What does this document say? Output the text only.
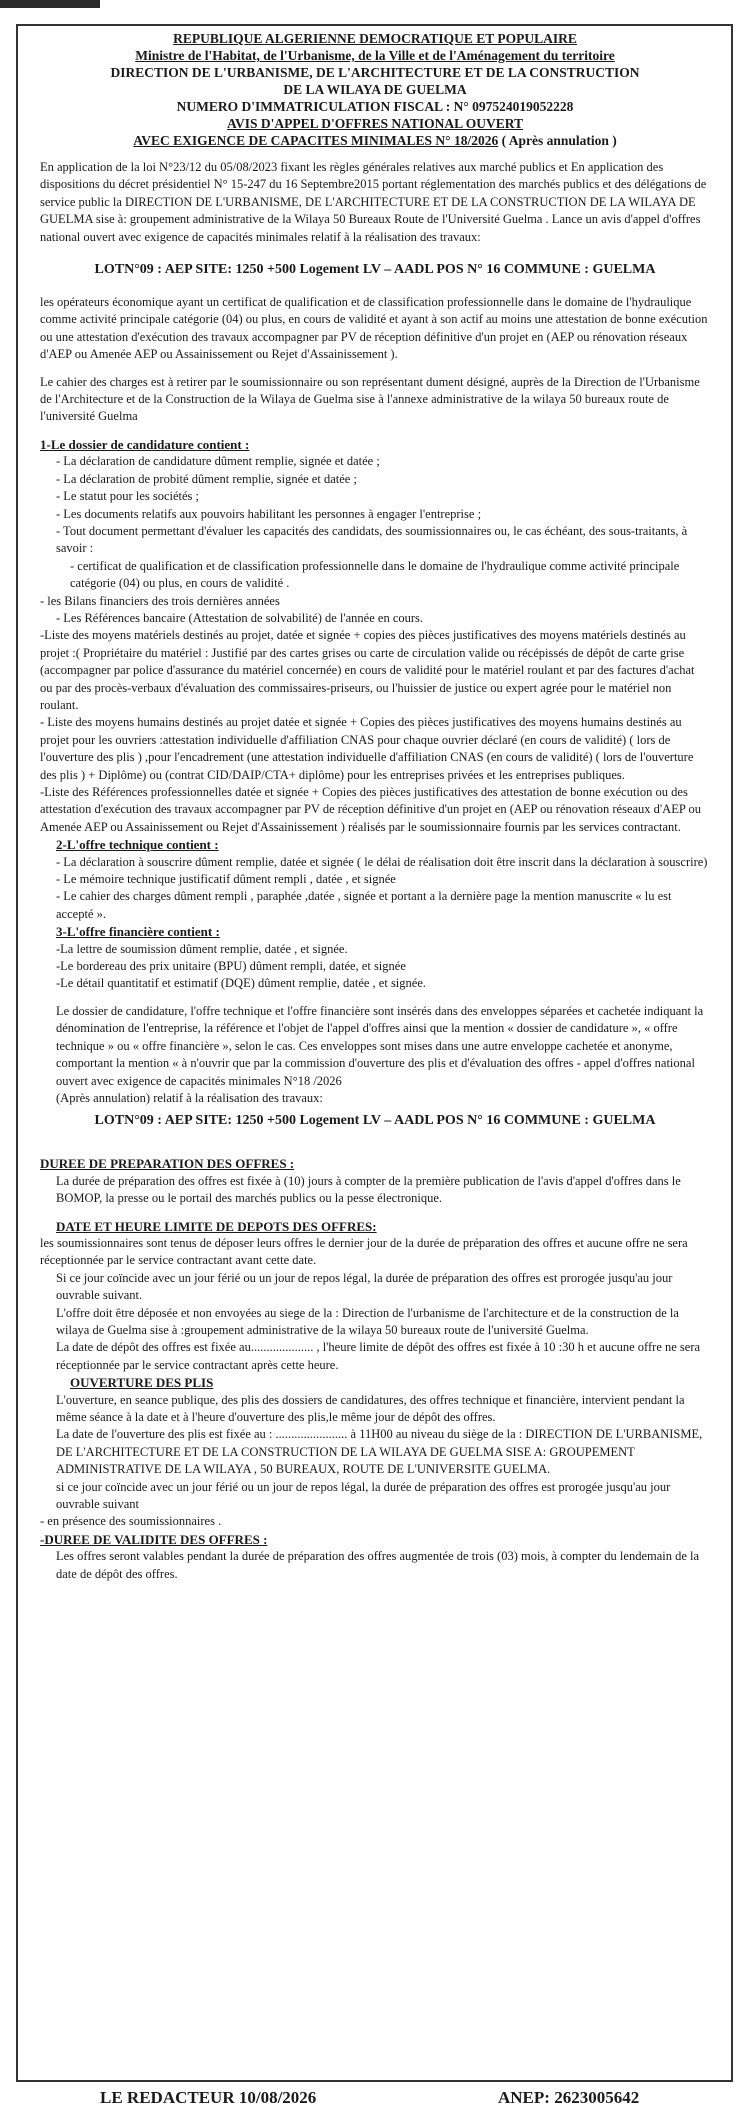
REPUBLIQUE ALGERIENNE DEMOCRATIQUE ET POPULAIRE
Ministre de l'Habitat, de l'Urbanisme, de la Ville et de l'Aménagement du territoire
DIRECTION DE L'URBANISME, DE L'ARCHITECTURE ET DE LA CONSTRUCTION
DE LA WILAYA DE GUELMA
NUMERO D'IMMATRICULATION FISCAL : N° 097524019052228
AVIS D'APPEL D'OFFRES NATIONAL OUVERT
AVEC EXIGENCE DE CAPACITES MINIMALES N° 18/2026 ( Après annulation )

En application de la loi N°23/12 du 05/08/2023 fixant les règles générales relatives aux marché publics et En application des dispositions du décret présidentiel N° 15-247 du 16 Septembre2015 portant réglementation des marchés publics et des délégations de service public la DIRECTION DE L'URBANISME, DE L'ARCHITECTURE ET DE LA CONSTRUCTION DE LA WILAYA DE GUELMA sise à: groupement administrative de la Wilaya 50 Bureaux Route de l'Université Guelma . Lance un avis d'appel d'offres national ouvert avec exigence de capacités minimales relatif à la réalisation des travaux:

LOTN°09 : AEP SITE: 1250 +500 Logement LV – AADL POS N° 16 COMMUNE : GUELMA

les opérateurs économique ayant un certificat de qualification et de classification professionnelle dans le domaine de l'hydraulique comme activité principale catégorie (04) ou plus, en cours de validité et ayant à son actif au moins une attestation de bonne exécution ou une attestation d'exécution des travaux accompagner par PV de réception définitive d'un projet en (AEP ou rénovation réseaux d'AEP ou Amenée AEP ou Assainissement ou Rejet d'Assainissement ).

Le cahier des charges est à retirer par le soumissionnaire ou son représentant dument désigné, auprès de la Direction de l'Urbanisme de l'Architecture et de la Construction de la Wilaya de Guelma sise à l'annexe administrative de la wilaya 50 bureaux route de l'université Guelma

1-Le dossier de candidature contient :
- La déclaration de candidature dûment remplie, signée et datée ;
- La déclaration de probité dûment remplie, signée et datée ;
- Le statut pour les sociétés ;
- Les documents relatifs aux pouvoirs habilitant les personnes à engager l'entreprise ;
- Tout document permettant d'évaluer les capacités des candidats, des soumissionnaires ou, le cas échéant, des sous-traitants, à savoir :
- certificat de qualification et de classification professionnelle dans le domaine de l'hydraulique comme activité principale catégorie (04) ou plus, en cours de validité .
- les Bilans financiers des trois dernières années
- Les Références bancaire (Attestation de solvabilité) de l'année en cours.
-Liste des moyens matériels destinés au projet, datée et signée + copies des pièces justificatives des moyens matériels destinés au projet :( Propriétaire du matériel : Justifié par des cartes grises ou carte de circulation valide ou récépissés de dépôt de carte grise (accompagner par police d'assurance du matériel concernée) en cours de validité pour le matériel roulant et par des factures d'achat ou par des procès-verbaux d'évaluation des commissaires-priseurs, ou l'huissier de justice ou expert agrée pour le matériel non roulant.
- Liste des moyens humains destinés au projet datée et signée + Copies des pièces justificatives des moyens humains destinés au projet pour les ouvriers :attestation individuelle d'affiliation CNAS pour chaque ouvrier déclaré (en cours de validité) ( lors de l'ouverture des plis ) ,pour l'encadrement (une attestation individuelle d'affiliation CNAS (en cours de validité) ( lors de l'ouverture des plis ) + Diplôme) ou (contrat CID/DAIP/CTA+ diplôme) pour les entreprises privées et les entreprises publiques.
-Liste des Références professionnelles datée et signée + Copies des pièces justificatives des attestation de bonne exécution ou des attestation d'exécution des travaux accompagner par PV de réception définitive d'un projet en (AEP ou rénovation réseaux d'AEP ou Amenée AEP ou Assainissement ou Rejet d'Assainissement ) réalisés par le soumissionnaire fournis par les services contractant.
2-L'offre technique contient :
- La déclaration à souscrire dûment remplie, datée et signée ( le délai de réalisation doit être inscrit dans la déclaration à souscrire)
- Le mémoire technique justificatif dûment rempli , datée , et signée
- Le cahier des charges dûment rempli , paraphée ,datée , signée et portant a la dernière page la mention manuscrite « lu est accepté ».
3-L'offre financière contient :
-La lettre de soumission dûment remplie, datée , et signée.
-Le bordereau des prix unitaire (BPU) dûment rempli, datée, et signée
-Le détail quantitatif et estimatif (DQE) dûment remplie, datée , et signée.

Le dossier de candidature, l'offre technique et l'offre financière sont insérés dans des enveloppes séparées et cachetée indiquant la dénomination de l'entreprise, la référence et l'objet de l'appel d'offres ainsi que la mention « dossier de candidature », « offre technique » ou « offre financière », selon le cas. Ces enveloppes sont mises dans une autre enveloppe cachetée et anonyme, comportant la mention « à n'ouvrir que par la commission d'ouverture des plis et d'évaluation des offres - appel d'offres national ouvert avec exigence de capacités minimales N°18 /2026

(Après annulation) relatif à la réalisation des travaux:

LOTN°09 : AEP SITE: 1250 +500 Logement LV – AADL POS N° 16 COMMUNE : GUELMA

DUREE DE PREPARATION DES OFFRES :
La durée de préparation des offres est fixée à (10) jours à compter de la première publication de l'avis d'appel d'offres dans le BOMOP, la presse ou le portail des marchés publics ou la pesse électronique.
DATE ET HEURE LIMITE DE DEPOTS DES OFFRES:
les soumissionnaires sont tenus de déposer leurs offres le dernier jour de la durée de préparation des offres et aucune offre ne sera réceptionnée par le service contractant avant cette date.
Si ce jour coïncide avec un jour férié ou un jour de repos légal, la durée de préparation des offres est prorogée jusqu'au jour ouvrable suivant.
L'offre doit être déposée et non envoyées au siege de la : Direction de l'urbanisme de l'architecture et de la construction de la wilaya de Guelma sise à :groupement administrative de la wilaya 50 bureaux route de l'université Guelma.
La date de dépôt des offres est fixée au.................... , l'heure limite de dépôt des offres est fixée à 10 :30 h et aucune offre ne sera réceptionnée par le service contractant après cette heure.
OUVERTURE DES PLIS
L'ouverture, en seance publique, des plis des dossiers de candidatures, des offres technique et financière, intervient pendant la même séance à la date et à l'heure d'ouverture des plis,le même jour de dépôt des offres.
La date de l'ouverture des plis est fixée au : ....................... à 11H00 au niveau du siège de la : DIRECTION DE L'URBANISME, DE L'ARCHITECTURE ET DE LA CONSTRUCTION DE LA WILAYA DE GUELMA SISE A: GROUPEMENT ADMINISTRATIVE DE LA WILAYA , 50 BUREAUX, ROUTE DE L'UNIVERSITE GUELMA.
si ce jour coïncide avec un jour férié ou un jour de repos légal, la durée de préparation des offres est prorogée jusqu'au jour ouvrable suivant
- en présence des soumissionnaires .
-DUREE DE VALIDITE DES OFFRES :
Les offres seront valables pendant la durée de préparation des offres augmentée de trois (03) mois, à compter du lendemain de la date de dépôt des offres.
LE REDACTEUR 10/08/2026	ANEP: 2623005642
